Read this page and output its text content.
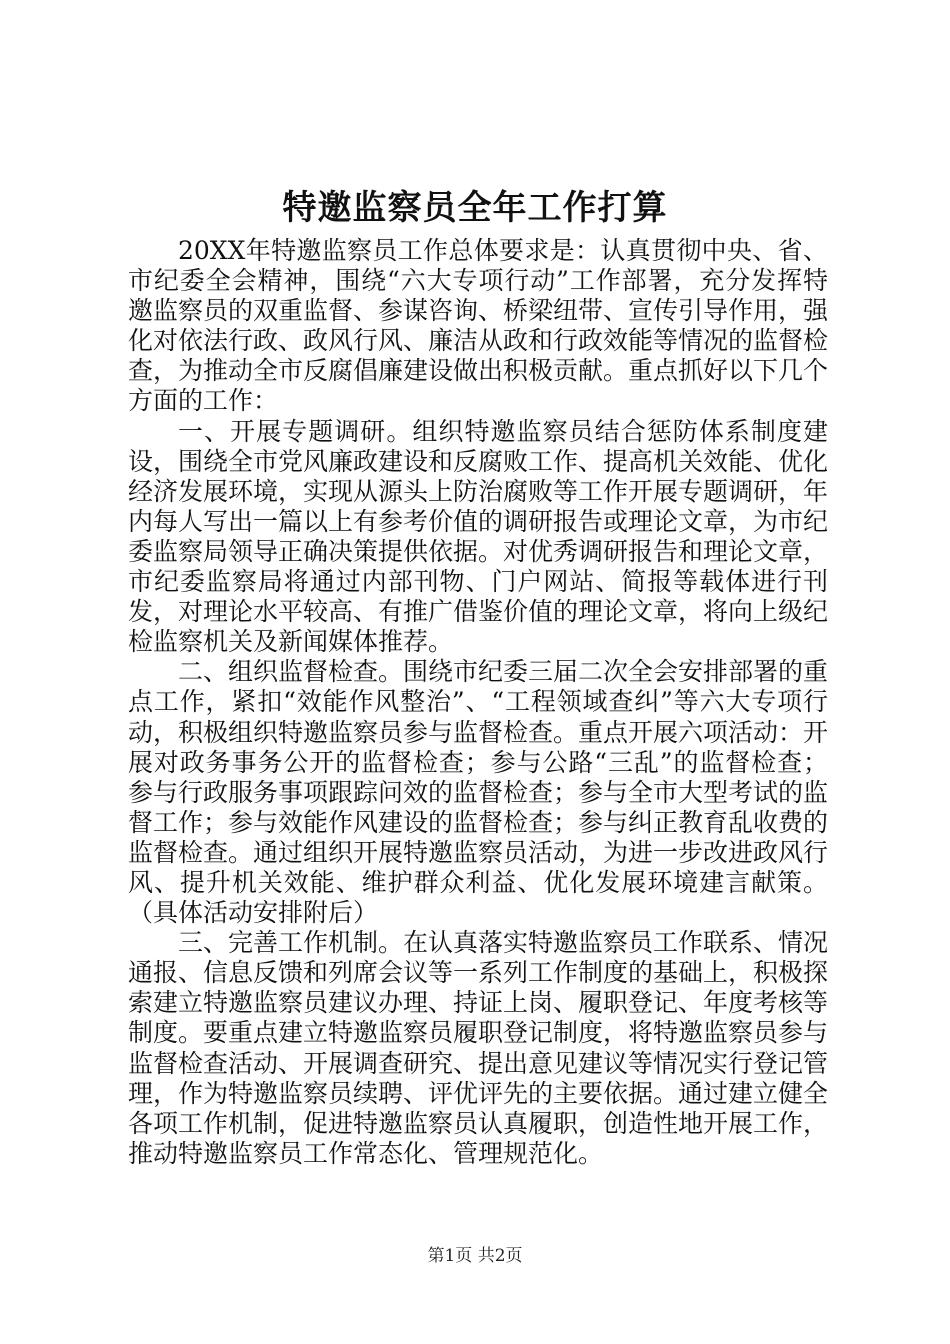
特邀监察员全年工作打算

20XX年特邀监察员工作总体要求是：认真贯彻中央、省、市纪委全会精神，围绕“六大专项行动”工作部署，充分发挥特邀监察员的双重监督、参谋咨询、桥梁纽带、宣传引导作用，强化对依法行政、政风行风、廉洁从政和行政效能等情况的监督检查，为推动全市反腐倡廉建设做出积极贡献。重点抓好以下几个方面的工作：

一、开展专题调研。组织特邀监察员结合惩防体系制度建设，围绕全市党风廉政建设和反腐败工作、提高机关效能、优化经济发展环境，实现从源头上防治腐败等工作开展专题调研，年内每人写出一篇以上有参考价值的调研报告或理论文章，为市纪委监察局领导正确决策提供依据。对优秀调研报告和理论文章，市纪委监察局将通过内部刊物、门户网站、简报等载体进行刊发，对理论水平较高、有推广借鉴价值的理论文章，将向上级纪检监察机关及新闻媒体推荐。

二、组织监督检查。围绕市纪委三届二次全会安排部署的重点工作，紧扣“效能作风整治”、“工程领域查纠”等六大专项行动，积极组织特邀监察员参与监督检查。重点开展六项活动：开展对政务事务公开的监督检查；参与公路“三乱”的监督检查；参与行政服务事项跟踪问效的监督检查；参与全市大型考试的监督工作；参与效能作风建设的监督检查；参与纠正教育乱收费的监督检查。通过组织开展特邀监察员活动，为进一步改进政风行风、提升机关效能、维护群众利益、优化发展环境建言献策。（具体活动安排附后）

三、完善工作机制。在认真落实特邀监察员工作联系、情况通报、信息反馈和列席会议等一系列工作制度的基础上，积极探索建立特邀监察员建议办理、持证上岗、履职登记、年度考核等制度。要重点建立特邀监察员履职登记制度，将特邀监察员参与监督检查活动、开展调查研究、提出意见建议等情况实行登记管理，作为特邀监察员续聘、评优评先的主要依据。通过建立健全各项工作机制，促进特邀监察员认真履职，创造性地开展工作，推动特邀监察员工作常态化、管理规范化。

第1页 共2页
